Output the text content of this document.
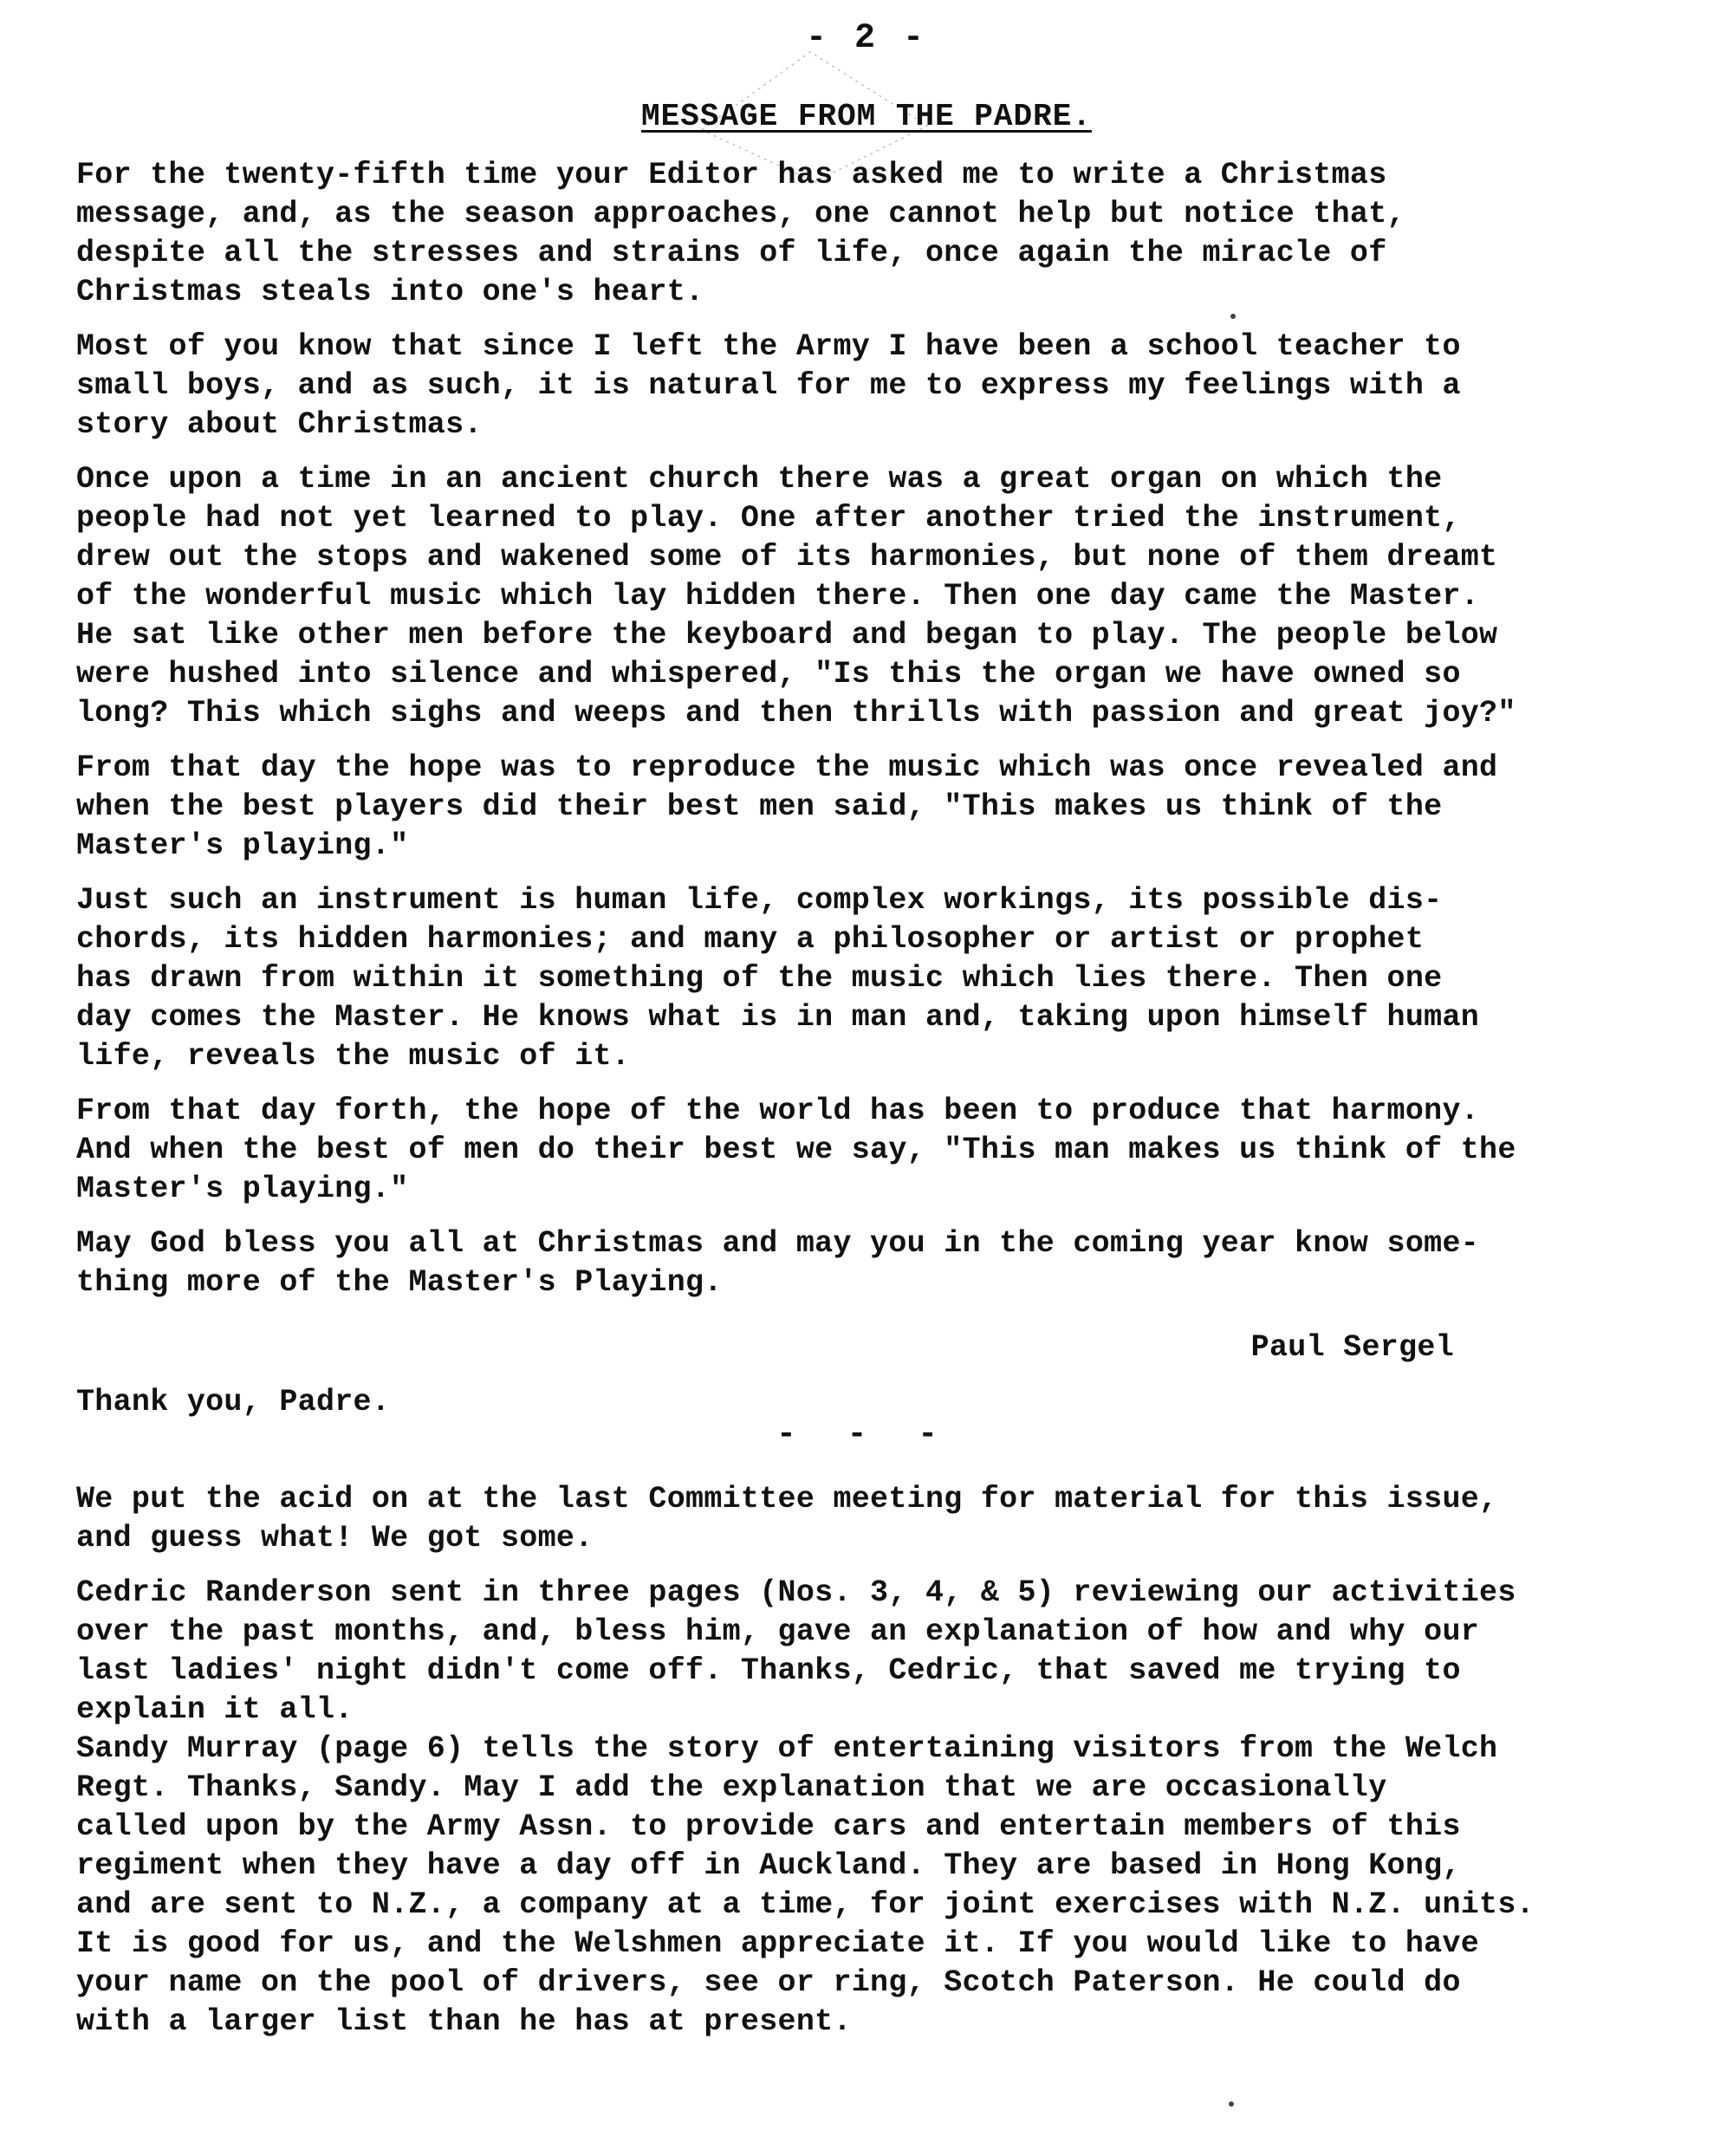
- 2 -
MESSAGE FROM THE PADRE.

For the twenty-fifth time your Editor has asked me to write a Christmas
message, and, as the season approaches, one cannot help but notice that,
despite all the stresses and strains of life, once again the miracle of
Christmas steals into one's heart.

Most of you know that since I left the Army I have been a school teacher to
small boys, and as such, it is natural for me to express my feelings with a
story about Christmas.

Once upon a time in an ancient church there was a great organ on which the
people had not yet learned to play. One after another tried the instrument,
drew out the stops and wakened some of its harmonies, but none of them dreamt
of the wonderful music which lay hidden there. Then one day came the Master.
He sat like other men before the keyboard and began to play. The people below
were hushed into silence and whispered, "Is this the organ we have owned so
long? This which sighs and weeps and then thrills with passion and great joy?"

From that day the hope was to reproduce the music which was once revealed and
when the best players did their best men said, "This makes us think of the
Master's playing."

Just such an instrument is human life, complex workings, its possible dis-
chords, its hidden harmonies; and many a philosopher or artist or prophet
has drawn from within it something of the music which lies there. Then one
day comes the Master. He knows what is in man and, taking upon himself human
life, reveals the music of it.

From that day forth, the hope of the world has been to produce that harmony.
And when the best of men do their best we say, "This man makes us think of the
Master's playing."

May God bless you all at Christmas and may you in the coming year know some-
thing more of the Master's Playing.

Paul Sergel

Thank you, Padre.

- - -

We put the acid on at the last Committee meeting for material for this issue,
and guess what! We got some.

Cedric Randerson sent in three pages (Nos. 3, 4, & 5) reviewing our activities
over the past months, and, bless him, gave an explanation of how and why our
last ladies' night didn't come off. Thanks, Cedric, that saved me trying to
explain it all.

Sandy Murray (page 6) tells the story of entertaining visitors from the Welch
Regt. Thanks, Sandy. May I add the explanation that we are occasionally
called upon by the Army Assn. to provide cars and entertain members of this
regiment when they have a day off in Auckland. They are based in Hong Kong,
and are sent to N.Z., a company at a time, for joint exercises with N.Z. units.
It is good for us, and the Welshmen appreciate it. If you would like to have
your name on the pool of drivers, see or ring, Scotch Paterson. He could do
with a larger list than he has at present.
